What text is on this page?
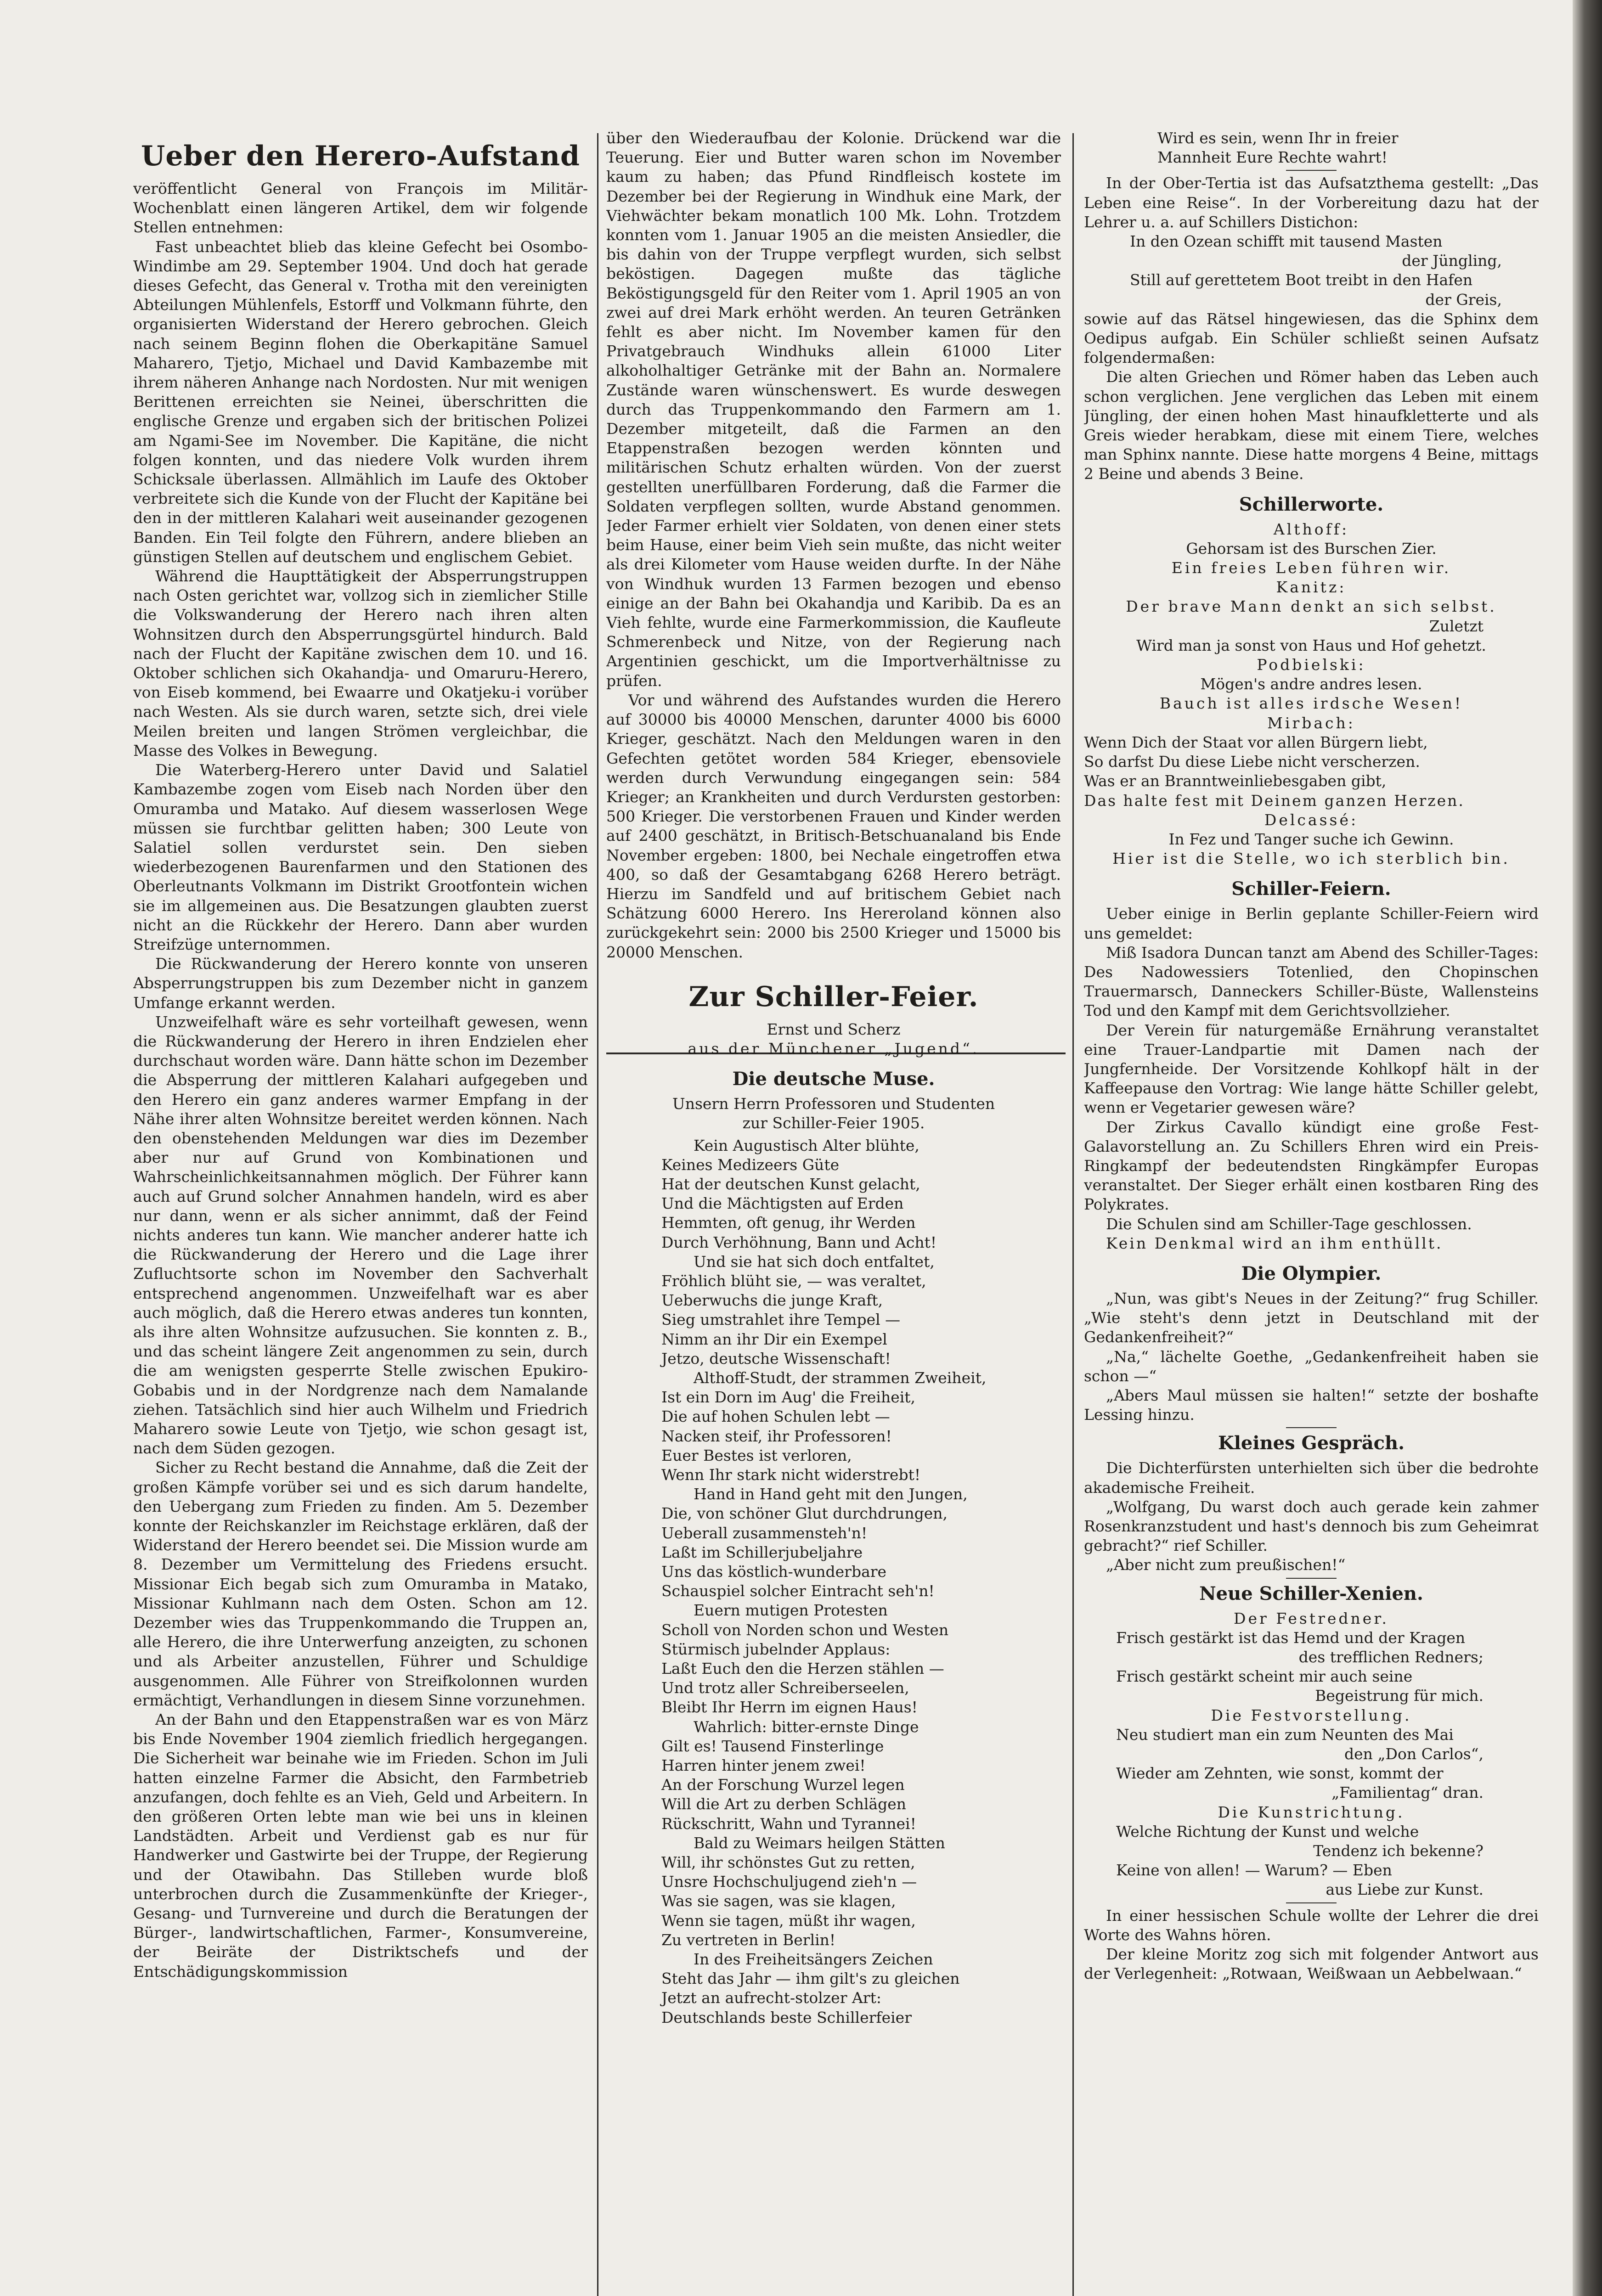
Ueber den Herero-Aufstand

veröffentlicht General von François im Militär-Wochenblatt einen längeren Artikel, dem wir folgende Stellen entnehmen:

Fast unbeachtet blieb das kleine Gefecht bei Osombo-Windimbe am 29. September 1904. Und doch hat gerade dieses Gefecht, das General v. Trotha mit den vereinigten Abteilungen Mühlenfels, Estorff und Volkmann führte, den organisierten Widerstand der Herero gebrochen. Gleich nach seinem Beginn flohen die Oberkapitäne Samuel Maharero, Tjetjo, Michael und David Kambazembe mit ihrem näheren Anhange nach Nordosten. Nur mit wenigen Berittenen erreichten sie Neinei, überschritten die englische Grenze und ergaben sich der britischen Polizei am Ngami-See im November. Die Kapitäne, die nicht folgen konnten, und das niedere Volk wurden ihrem Schicksale überlassen. Allmählich im Laufe des Oktober verbreitete sich die Kunde von der Flucht der Kapitäne bei den in der mittleren Kalahari weit auseinander gezogenen Banden. Ein Teil folgte den Führern, andere blieben an günstigen Stellen auf deutschem und englischem Gebiet.

Während die Haupttätigkeit der Absperrungstruppen nach Osten gerichtet war, vollzog sich in ziemlicher Stille die Volkswanderung der Herero nach ihren alten Wohnsitzen durch den Absperrungsgürtel hindurch. Bald nach der Flucht der Kapitäne zwischen dem 10. und 16. Oktober schlichen sich Okahandja- und Omaruru-Herero, von Eiseb kommend, bei Ewaarre und Okatjeku-i vorüber nach Westen. Als sie durch waren, setzte sich, drei viele Meilen breiten und langen Strömen vergleichbar, die Masse des Volkes in Bewegung.

Die Waterberg-Herero unter David und Salatiel Kambazembe zogen vom Eiseb nach Norden über den Omuramba und Matako. Auf diesem wasserlosen Wege müssen sie furchtbar gelitten haben; 300 Leute von Salatiel sollen verdurstet sein. Den sieben wiederbezogenen Baurenfarmen und den Stationen des Oberleutnants Volkmann im Distrikt Grootfontein wichen sie im allgemeinen aus. Die Besatzungen glaubten zuerst nicht an die Rückkehr der Herero. Dann aber wurden Streifzüge unternommen.

Die Rückwanderung der Herero konnte von unseren Absperrungstruppen bis zum Dezember nicht in ganzem Umfange erkannt werden.

Unzweifelhaft wäre es sehr vorteilhaft gewesen, wenn die Rückwanderung der Herero in ihren Endzielen eher durchschaut worden wäre. Dann hätte schon im Dezember die Absperrung der mittleren Kalahari aufgegeben und den Herero ein ganz anderes warmer Empfang in der Nähe ihrer alten Wohnsitze bereitet werden können. Nach den obenstehenden Meldungen war dies im Dezember aber nur auf Grund von Kombinationen und Wahrscheinlichkeitsannahmen möglich. Der Führer kann auch auf Grund solcher Annahmen handeln, wird es aber nur dann, wenn er als sicher annimmt, daß der Feind nichts anderes tun kann. Wie mancher anderer hatte ich die Rückwanderung der Herero und die Lage ihrer Zufluchtsorte schon im November den Sachverhalt entsprechend angenommen. Unzweifelhaft war es aber auch möglich, daß die Herero etwas anderes tun konnten, als ihre alten Wohnsitze aufzusuchen. Sie konnten z. B., und das scheint längere Zeit angenommen zu sein, durch die am wenigsten gesperrte Stelle zwischen Epukiro-Gobabis und in der Nordgrenze nach dem Namalande ziehen. Tatsächlich sind hier auch Wilhelm und Friedrich Maharero sowie Leute von Tjetjo, wie schon gesagt ist, nach dem Süden gezogen.

Sicher zu Recht bestand die Annahme, daß die Zeit der großen Kämpfe vorüber sei und es sich darum handelte, den Uebergang zum Frieden zu finden. Am 5. Dezember konnte der Reichskanzler im Reichstage erklären, daß der Widerstand der Herero beendet sei. Die Mission wurde am 8. Dezember um Vermittelung des Friedens ersucht. Missionar Eich begab sich zum Omuramba in Matako, Missionar Kuhlmann nach dem Osten. Schon am 12. Dezember wies das Truppenkommando die Truppen an, alle Herero, die ihre Unterwerfung anzeigten, zu schonen und als Arbeiter anzustellen, Führer und Schuldige ausgenommen. Alle Führer von Streifkolonnen wurden ermächtigt, Verhandlungen in diesem Sinne vorzunehmen.

An der Bahn und den Etappenstraßen war es von März bis Ende November 1904 ziemlich friedlich hergegangen. Die Sicherheit war beinahe wie im Frieden. Schon im Juli hatten einzelne Farmer die Absicht, den Farmbetrieb anzufangen, doch fehlte es an Vieh, Geld und Arbeitern. In den größeren Orten lebte man wie bei uns in kleinen Landstädten. Arbeit und Verdienst gab es nur für Handwerker und Gastwirte bei der Truppe, der Regierung und der Otawibahn. Das Stilleben wurde bloß unterbrochen durch die Zusammenkünfte der Krieger-, Gesang- und Turnvereine und durch die Beratungen der Bürger-, landwirtschaftlichen, Farmer-, Konsumvereine, der Beiräte der Distriktschefs und der Entschädigungskommission

über den Wiederaufbau der Kolonie. Drückend war die Teuerung. Eier und Butter waren schon im November kaum zu haben; das Pfund Rindfleisch kostete im Dezember bei der Regierung in Windhuk eine Mark, der Viehwächter bekam monatlich 100 Mk. Lohn. Trotzdem konnten vom 1. Januar 1905 an die meisten Ansiedler, die bis dahin von der Truppe verpflegt wurden, sich selbst beköstigen. Dagegen mußte das tägliche Beköstigungsgeld für den Reiter vom 1. April 1905 an von zwei auf drei Mark erhöht werden. An teuren Getränken fehlt es aber nicht. Im November kamen für den Privatgebrauch Windhuks allein 61000 Liter alkoholhaltiger Getränke mit der Bahn an. Normalere Zustände waren wünschenswert. Es wurde deswegen durch das Truppenkommando den Farmern am 1. Dezember mitgeteilt, daß die Farmen an den Etappenstraßen bezogen werden könnten und militärischen Schutz erhalten würden. Von der zuerst gestellten unerfüllbaren Forderung, daß die Farmer die Soldaten verpflegen sollten, wurde Abstand genommen. Jeder Farmer erhielt vier Soldaten, von denen einer stets beim Hause, einer beim Vieh sein mußte, das nicht weiter als drei Kilometer vom Hause weiden durfte. In der Nähe von Windhuk wurden 13 Farmen bezogen und ebenso einige an der Bahn bei Okahandja und Karibib. Da es an Vieh fehlte, wurde eine Farmerkommission, die Kaufleute Schmerenbeck und Nitze, von der Regierung nach Argentinien geschickt, um die Importverhältnisse zu prüfen.

Vor und während des Aufstandes wurden die Herero auf 30000 bis 40000 Menschen, darunter 4000 bis 6000 Krieger, geschätzt. Nach den Meldungen waren in den Gefechten getötet worden 584 Krieger, ebensoviele werden durch Verwundung eingegangen sein: 584 Krieger; an Krankheiten und durch Verdursten gestorben: 500 Krieger. Die verstorbenen Frauen und Kinder werden auf 2400 geschätzt, in Britisch-Betschuanaland bis Ende November ergeben: 1800, bei Nechale eingetroffen etwa 400, so daß der Gesamtabgang 6268 Herero beträgt. Hierzu im Sandfeld und auf britischem Gebiet nach Schätzung 6000 Herero. Ins Hereroland können also zurückgekehrt sein: 2000 bis 2500 Krieger und 15000 bis 20000 Menschen.

Zur Schiller-Feier.

Ernst und Scherz

aus der Münchener „Jugend“.

Die deutsche Muse.

Unsern Herrn Professoren und Studenten zur Schiller-Feier 1905.

Kein Augustisch Alter blühte,
Keines Medizeers Güte
Hat der deutschen Kunst gelacht,
Und die Mächtigsten auf Erden
Hemmten, oft genug, ihr Werden
Durch Verhöhnung, Bann und Acht!
Und sie hat sich doch entfaltet,
Fröhlich blüht sie, — was veraltet,
Ueberwuchs die junge Kraft,
Sieg umstrahlet ihre Tempel —
Nimm an ihr Dir ein Exempel
Jetzo, deutsche Wissenschaft!
Althoff-Studt, der strammen Zweiheit,
Ist ein Dorn im Aug' die Freiheit,
Die auf hohen Schulen lebt —
Nacken steif, ihr Professoren!
Euer Bestes ist verloren,
Wenn Ihr stark nicht widerstrebt!
Hand in Hand geht mit den Jungen,
Die, von schöner Glut durchdrungen,
Ueberall zusammensteh'n!
Laßt im Schillerjubeljahre
Uns das köstlich-wunderbare
Schauspiel solcher Eintracht seh'n!
Euern mutigen Protesten
Scholl von Norden schon und Westen
Stürmisch jubelnder Applaus:
Laßt Euch den die Herzen stählen —
Und trotz aller Schreiberseelen,
Bleibt Ihr Herrn im eignen Haus!
Wahrlich: bitter-ernste Dinge
Gilt es! Tausend Finsterlinge
Harren hinter jenem zwei!
An der Forschung Wurzel legen
Will die Art zu derben Schlägen
Rückschritt, Wahn und Tyrannei!
Bald zu Weimars heilgen Stätten
Will, ihr schönstes Gut zu retten,
Unsre Hochschuljugend zieh'n —
Was sie sagen, was sie klagen,
Wenn sie tagen, müßt ihr wagen,
Zu vertreten in Berlin!
In des Freiheitsängers Zeichen
Steht das Jahr — ihm gilt's zu gleichen
Jetzt an aufrecht-stolzer Art:
Deutschlands beste Schillerfeier
Wird es sein, wenn Ihr in freier
Mannheit Eure Rechte wahrt!

In der Ober-Tertia ist das Aufsatzthema gestellt: „Das Leben eine Reise“. In der Vorbereitung dazu hat der Lehrer u. a. auf Schillers Distichon:

In den Ozean schifft mit tausend Masten

der Jüngling,

Still auf gerettetem Boot treibt in den Hafen

der Greis,

sowie auf das Rätsel hingewiesen, das die Sphinx dem Oedipus aufgab. Ein Schüler schließt seinen Aufsatz folgendermaßen:

Die alten Griechen und Römer haben das Leben auch schon verglichen. Jene verglichen das Leben mit einem Jüngling, der einen hohen Mast hinaufkletterte und als Greis wieder herabkam, diese mit einem Tiere, welches man Sphinx nannte. Diese hatte morgens 4 Beine, mittags 2 Beine und abends 3 Beine.

Schillerworte.

Althoff:

Gehorsam ist des Burschen Zier.

Ein freies Leben führen wir.

Kanitz:

Der brave Mann denkt an sich selbst.

Zuletzt

Wird man ja sonst von Haus und Hof gehetzt.

Podbielski:

Mögen's andre andres lesen.

Bauch ist alles irdsche Wesen!

Mirbach:

Wenn Dich der Staat vor allen Bürgern liebt,

So darfst Du diese Liebe nicht verscherzen.

Was er an Branntweinliebesgaben gibt,

Das halte fest mit Deinem ganzen Herzen.

Delcassé:

In Fez und Tanger suche ich Gewinn.

Hier ist die Stelle, wo ich sterblich bin.

Schiller-Feiern.

Ueber einige in Berlin geplante Schiller-Feiern wird uns gemeldet:

Miß Isadora Duncan tanzt am Abend des Schiller-Tages: Des Nadowessiers Totenlied, den Chopinschen Trauermarsch, Danneckers Schiller-Büste, Wallensteins Tod und den Kampf mit dem Gerichtsvollzieher.

Der Verein für naturgemäße Ernährung veranstaltet eine Trauer-Landpartie mit Damen nach der Jungfernheide. Der Vorsitzende Kohlkopf hält in der Kaffeepause den Vortrag: Wie lange hätte Schiller gelebt, wenn er Vegetarier gewesen wäre?

Der Zirkus Cavallo kündigt eine große Fest-Galavorstellung an. Zu Schillers Ehren wird ein Preis-Ringkampf der bedeutendsten Ringkämpfer Europas veranstaltet. Der Sieger erhält einen kostbaren Ring des Polykrates.

Die Schulen sind am Schiller-Tage geschlossen.

Kein Denkmal wird an ihm enthüllt.

Die Olympier.

„Nun, was gibt's Neues in der Zeitung?“ frug Schiller. „Wie steht's denn jetzt in Deutschland mit der Gedankenfreiheit?“

„Na,“ lächelte Goethe, „Gedankenfreiheit haben sie schon —“

„Abers Maul müssen sie halten!“ setzte der boshafte Lessing hinzu.

Kleines Gespräch.

Die Dichterfürsten unterhielten sich über die bedrohte akademische Freiheit.

„Wolfgang, Du warst doch auch gerade kein zahmer Rosenkranzstudent und hast's dennoch bis zum Geheimrat gebracht?“ rief Schiller.

„Aber nicht zum preußischen!“

Neue Schiller-Xenien.

Der Festredner.

Frisch gestärkt ist das Hemd und der Kragen

des trefflichen Redners;

Frisch gestärkt scheint mir auch seine

Begeistrung für mich.

Die Festvorstellung.

Neu studiert man ein zum Neunten des Mai

den „Don Carlos“,

Wieder am Zehnten, wie sonst, kommt der

„Familientag“ dran.

Die Kunstrichtung.

Welche Richtung der Kunst und welche

Tendenz ich bekenne?

Keine von allen! — Warum? — Eben

aus Liebe zur Kunst.

In einer hessischen Schule wollte der Lehrer die drei Worte des Wahns hören.

Der kleine Moritz zog sich mit folgender Antwort aus der Verlegenheit: „Rotwaan, Weißwaan un Aebbelwaan.“
